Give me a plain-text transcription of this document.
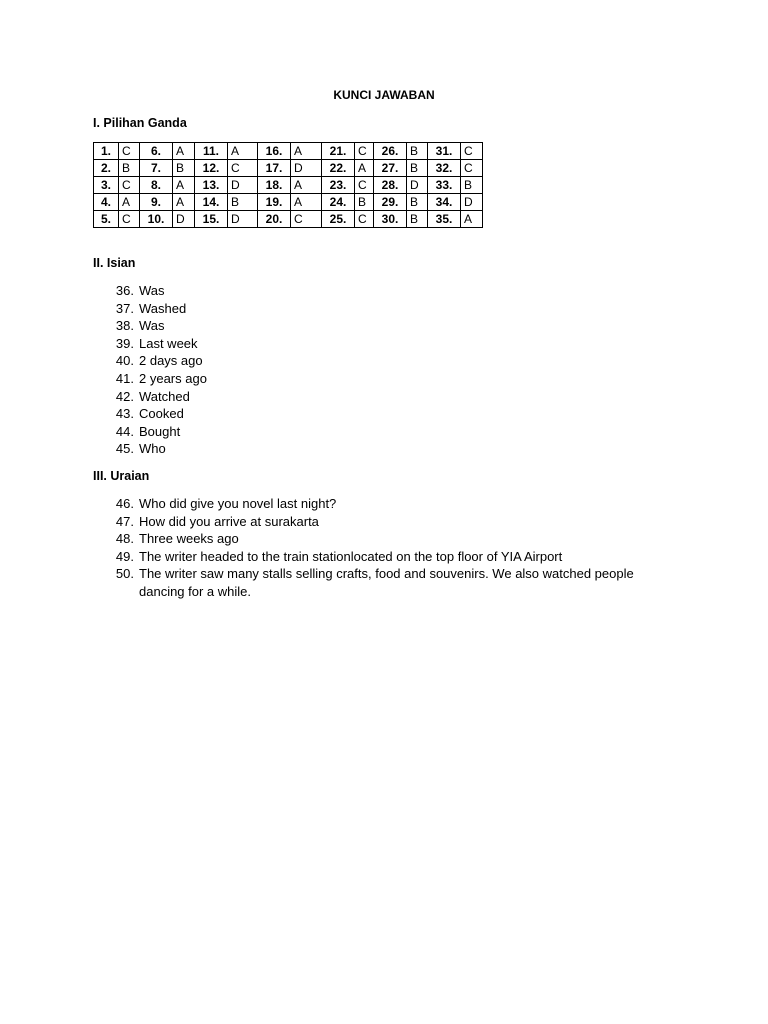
KUNCI JAWABAN
I. Pilihan Ganda
1.	C	6.	A	11.	A	16.	A	21.	C	26.	B	31.	C
2.	B	7.	B	12.	C	17.	D	22.	A	27.	B	32.	C
3.	C	8.	A	13.	D	18.	A	23.	C	28.	D	33.	B
4.	A	9.	A	14.	B	19.	A	24.	B	29.	B	34.	D
5.	C	10.	D	15.	D	20.	C	25.	C	30.	B	35.	A
II. Isian
36. Was
37. Washed
38. Was
39. Last week
40. 2 days ago
41. 2 years ago
42. Watched
43. Cooked
44. Bought
45. Who
III. Uraian
46. Who did give you novel last night?
47. How did you arrive at surakarta
48. Three weeks ago
49. The writer headed to the train stationlocated on the top floor of YIA Airport
50. The writer saw many stalls selling crafts, food and souvenirs. We also watched people dancing for a while.
